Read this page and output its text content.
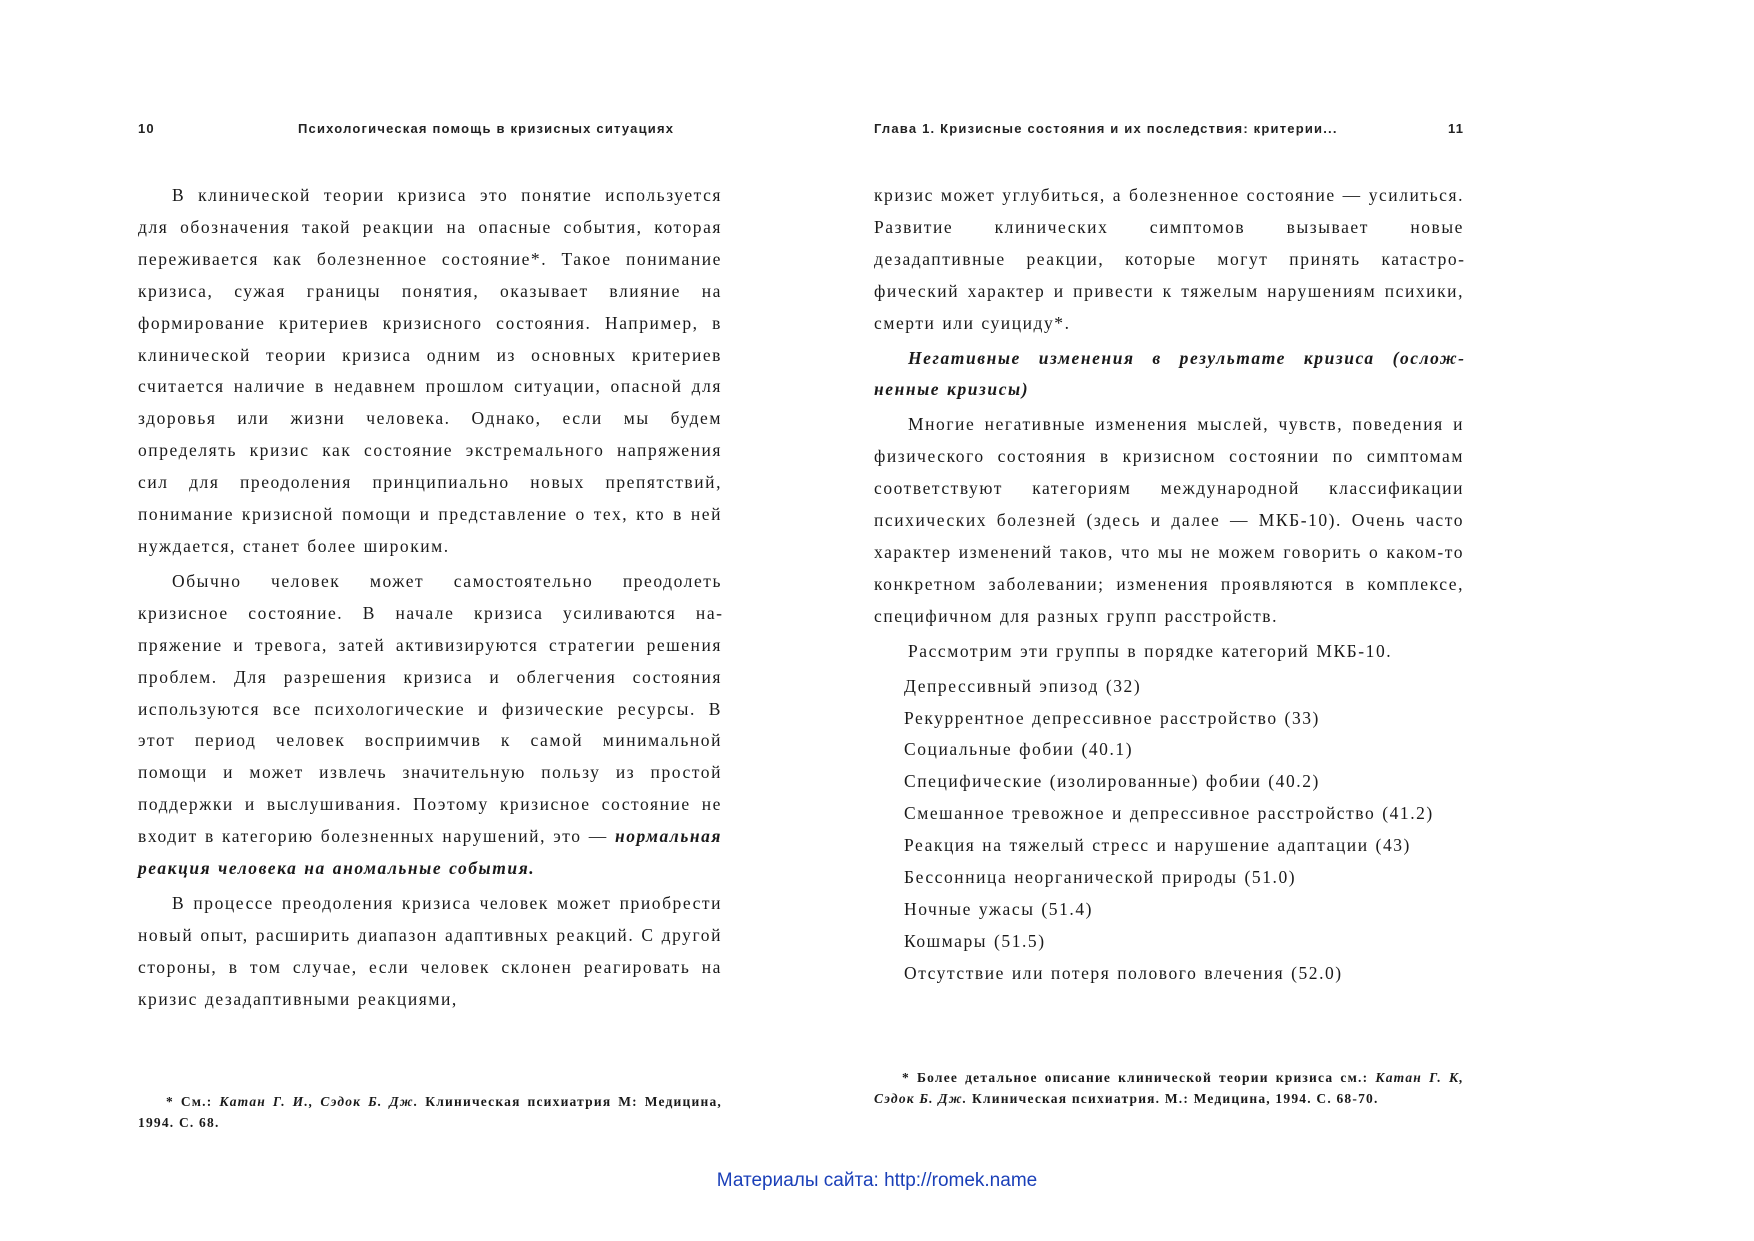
10	Психологическая помощь в кризисных ситуациях

В клинической теории кризиса это понятие используется для обозначения такой реакции на опасные события, которая переживается как болезненное состояние*. Такое понимание кризиса, сужая границы понятия, оказывает влияние на формирование критериев кризисного состояния. Например, в клинической теории кризиса одним из основных критериев считается наличие в недавнем прошлом ситуации, опасной для здоровья или жизни человека. Однако, если мы будем определять кризис как состояние экстремального напряжения сил для преодоления принципиально новых препятствий, понимание кризисной помощи и представление о тех, кто в ней нуждается, станет более широким.

Обычно человек может самостоятельно преодолеть кризисное состояние. В начале кризиса усиливаются напряжение и тревога, затей активизируются стратегии решения проблем. Для разрешения кризиса и облегчения состояния используются все психологические и физические ресурсы. В этот период человек восприимчив к самой минимальной помощи и может извлечь значительную пользу из простой поддержки и выслушивания. Поэтому кризисное состояние не входит в категорию болезненных нарушений, это — нормальная реакция человека на аномальные события.

В процессе преодоления кризиса человек может приобрести новый опыт, расширить диапазон адаптивных реакций. С другой стороны, в том случае, если человек склонен реагировать на кризис дезадаптивными реакциями,

* См.: Катан Г. И., Сэдок Б. Дж. Клиническая психиатрия М: Медицина, 1994. С. 68.
Глава 1. Кризисные состояния и их последствия: критерии...	11

кризис может углубиться, а болезненное состояние — усилиться. Развитие клинических симптомов вызывает новые дезадаптивные реакции, которые могут принять катастрофический характер и привести к тяжелым нарушениям психики, смерти или суициду*.

Негативные изменения в результате кризиса (осложненные кризисы)

Многие негативные изменения мыслей, чувств, поведения и физического состояния в кризисном состоянии по симптомам соответствуют категориям международной классификации психических болезней (здесь и далее — МКБ-10). Очень часто характер изменений таков, что мы не можем говорить о каком-то конкретном заболевании; изменения проявляются в комплексе, специфичном для разных групп расстройств.

Рассмотрим эти группы в порядке категорий МКБ-10.

Депрессивный эпизод (32)
Рекуррентное депрессивное расстройство (33)
Социальные фобии (40.1)
Специфические (изолированные) фобии (40.2)
Смешанное тревожное и депрессивное расстройство (41.2)
Реакция на тяжелый стресс и нарушение адаптации (43)
Бессонница неорганической природы (51.0)
Ночные ужасы (51.4)
Кошмары (51.5)
Отсутствие или потеря полового влечения (52.0)
* Более детальное описание клинической теории кризиса см.: Катан Г. К, Сэдок Б. Дж. Клиническая психиатрия. М.: Медицина, 1994. С. 68-70.
Материалы сайта: http://romek.name
